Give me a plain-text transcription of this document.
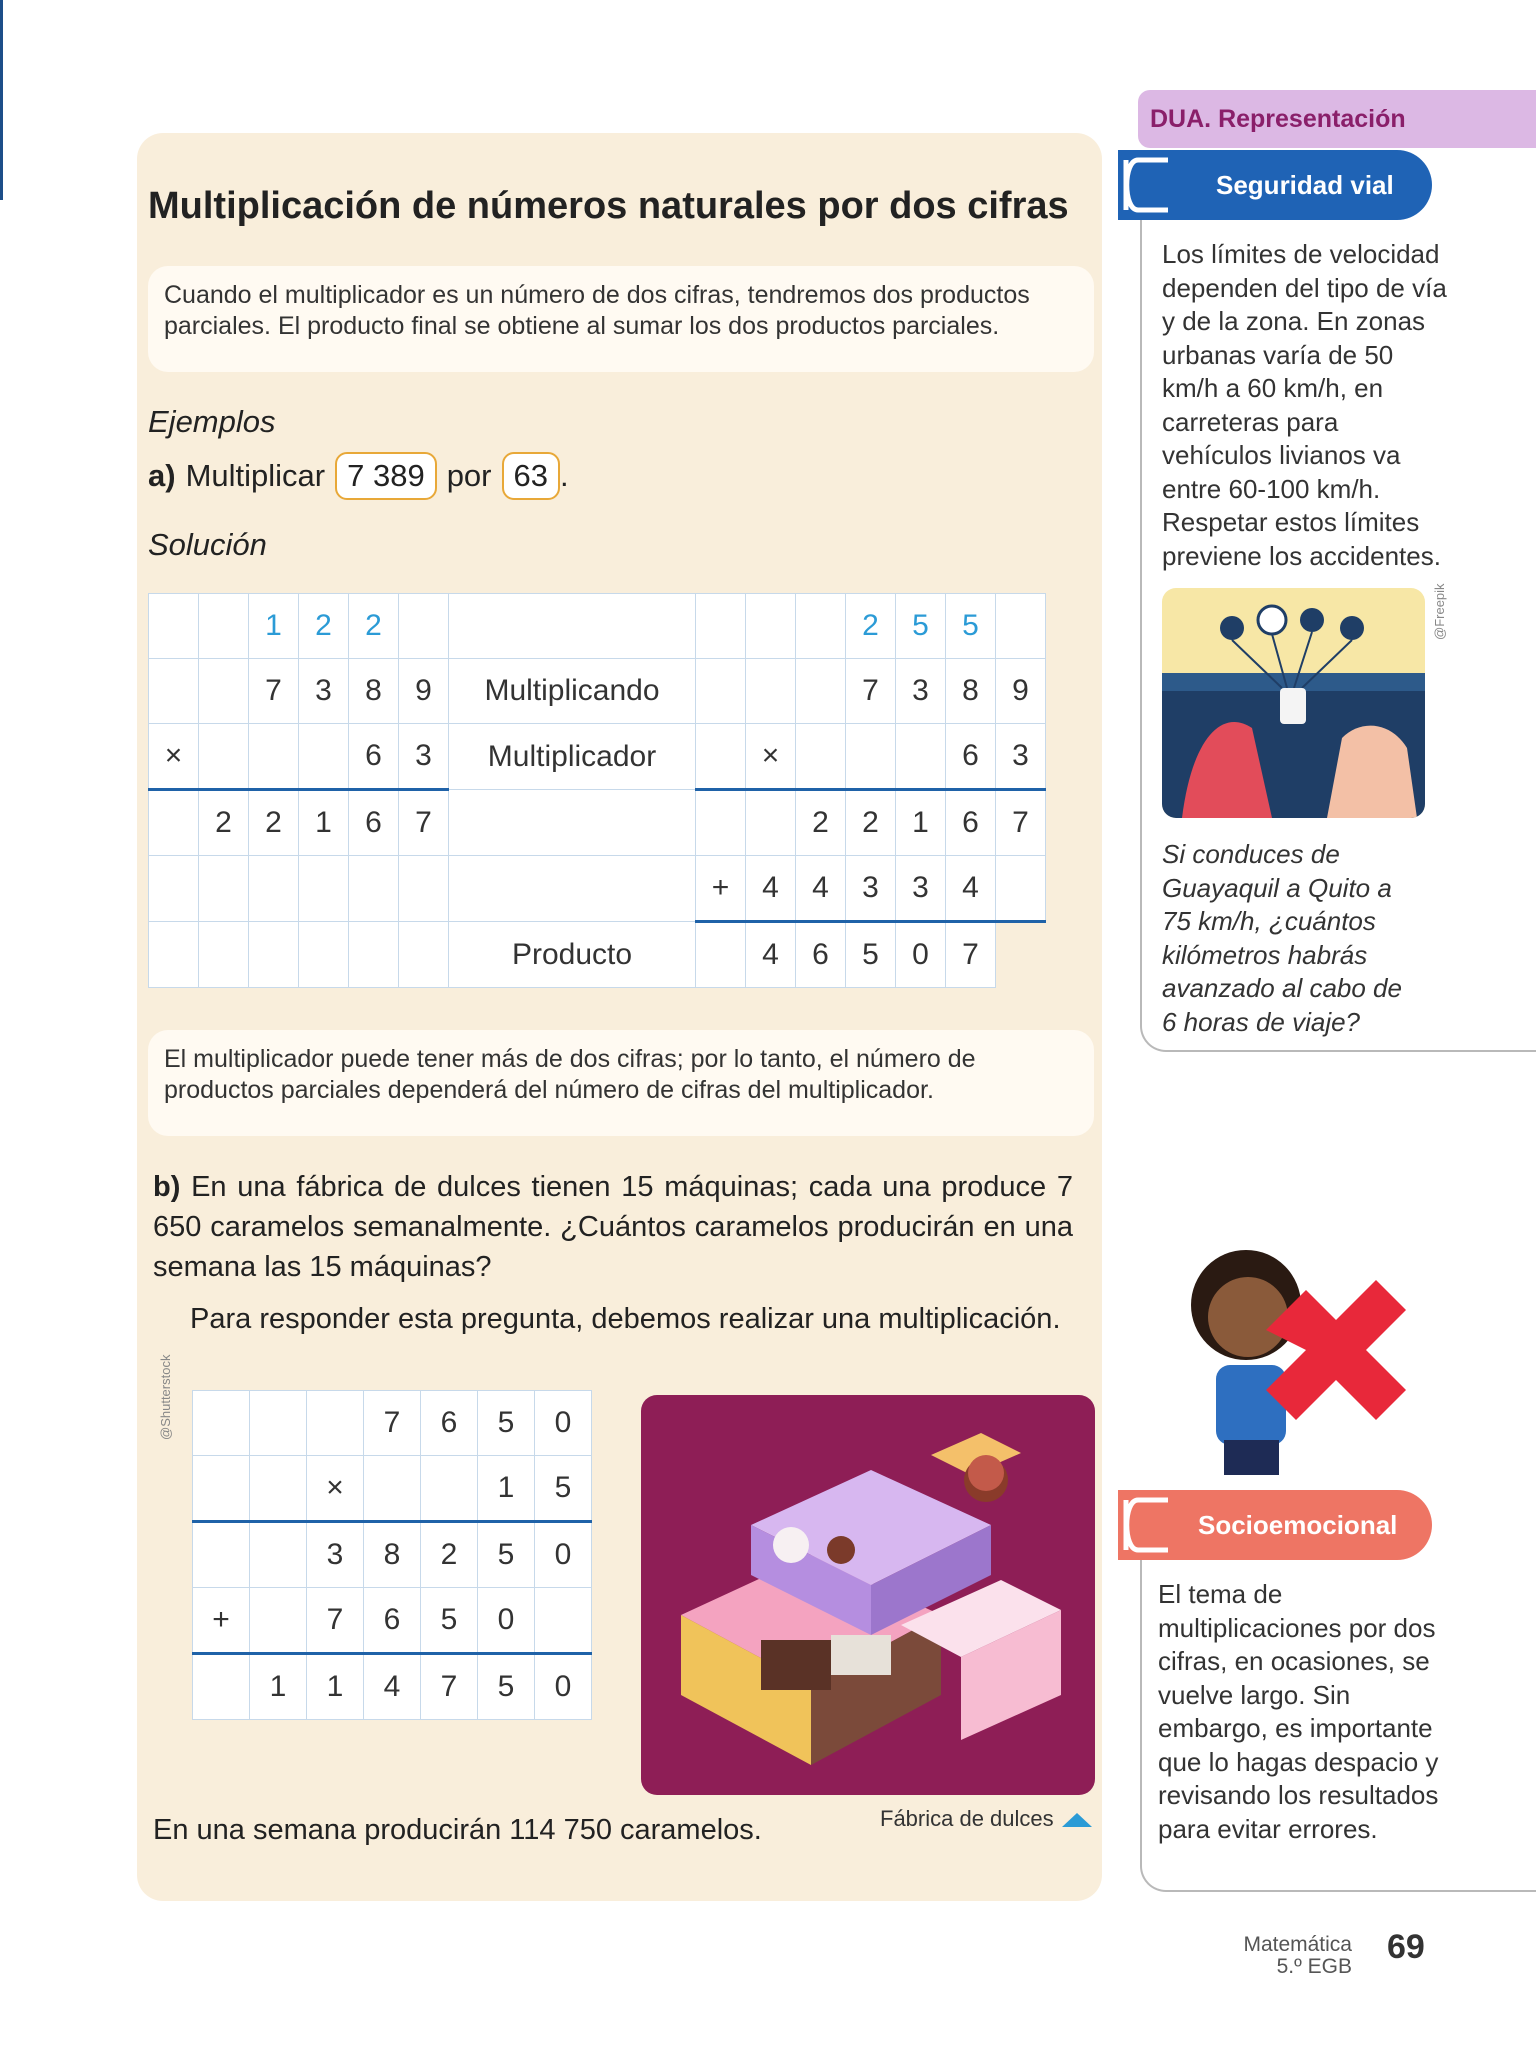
Multiplicación de números naturales por dos cifras
Cuando el multiplicador es un número de dos cifras, tendremos dos productos parciales. El producto final se obtiene al sumar los dos productos parciales.
Ejemplos
a) Multiplicar 7 389 por 63 .
Solución
		1	2	2						2	5	5	
		7	3	8	9	Multiplicando				7	3	8	9
×				6	3	Multiplicador		×				6	3
	2	2	1	6	7				2	2	1	6	7
							+	4	4	3	3	4	
						Producto		4	6	5	0	7
El multiplicador puede tener más de dos cifras; por lo tanto, el número de productos parciales dependerá del número de cifras del multiplicador.
b) En una fábrica de dulces tienen 15 máquinas; cada una produce 7 650 caramelos semanalmente. ¿Cuántos caramelos producirán en una semana las 15 máquinas?
Para responder esta pregunta, debemos realizar una multiplicación.
@Shutterstock
				7	6	5	0
		×			1	5
		3	8	2	5	0
+		7	6	5	0	
	1	1	4	7	5	0
Fábrica de dulces
En una semana producirán 114 750 caramelos.
DUA. Representación
Seguridad vial
Los límites de velocidad dependen del tipo de vía y de la zona. En zonas urbanas varía de 50 km/h a 60 km/h, en carreteras para vehículos livianos va entre 60-100 km/h. Respetar estos límites previene los accidentes.
@Freepik
Si conduces de Guayaquil a Quito a 75 km/h, ¿cuántos kilómetros habrás avanzado al cabo de 6 horas de viaje?
Socioemocional
El tema de multiplicaciones por dos cifras, en ocasiones, se vuelve largo. Sin embargo, es importante que lo hagas despacio y revisando los resultados para evitar errores.
Matemática
5.º EGB
69
